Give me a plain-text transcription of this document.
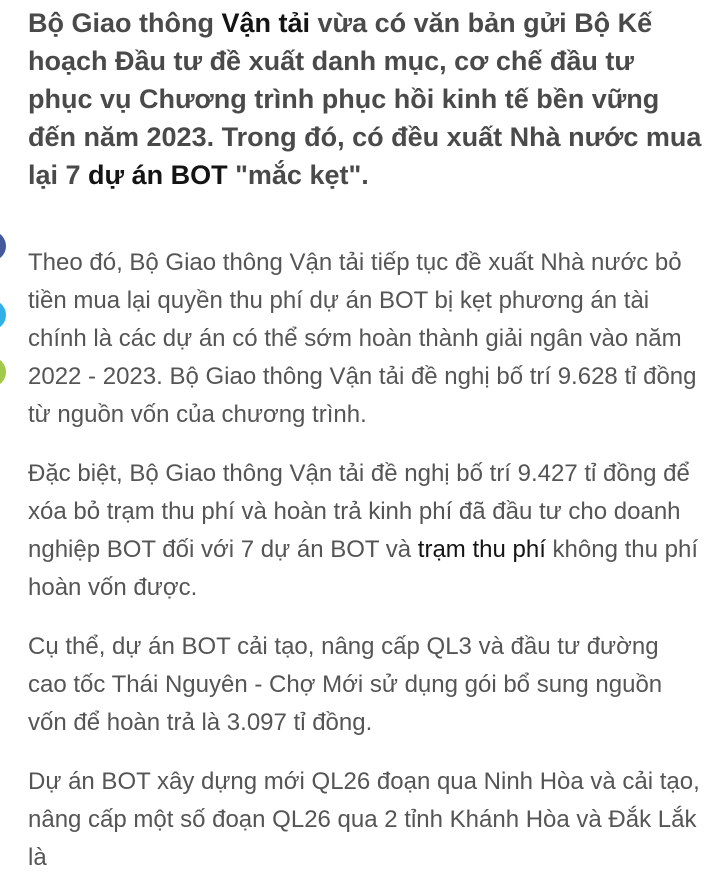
Bộ Giao thông Vận tải vừa có văn bản gửi Bộ Kế hoạch Đầu tư đề xuất danh mục, cơ chế đầu tư phục vụ Chương trình phục hồi kinh tế bền vững đến năm 2023. Trong đó, có đều xuất Nhà nước mua lại 7 dự án BOT "mắc kẹt".

Theo đó, Bộ Giao thông Vận tải tiếp tục đề xuất Nhà nước bỏ tiền mua lại quyền thu phí dự án BOT bị kẹt phương án tài chính là các dự án có thể sớm hoàn thành giải ngân vào năm 2022 - 2023. Bộ Giao thông Vận tải đề nghị bố trí 9.628 tỉ đồng từ nguồn vốn của chương trình.

Đặc biệt, Bộ Giao thông Vận tải đề nghị bố trí 9.427 tỉ đồng để xóa bỏ trạm thu phí và hoàn trả kinh phí đã đầu tư cho doanh nghiệp BOT đối với 7 dự án BOT và trạm thu phí không thu phí hoàn vốn được.

Cụ thể, dự án BOT cải tạo, nâng cấp QL3 và đầu tư đường cao tốc Thái Nguyên - Chợ Mới sử dụng gói bổ sung nguồn vốn để hoàn trả là 3.097 tỉ đồng.

Dự án BOT xây dựng mới QL26 đoạn qua Ninh Hòa và cải tạo, nâng cấp một số đoạn QL26 qua 2 tỉnh Khánh Hòa và Đắk Lắk là
